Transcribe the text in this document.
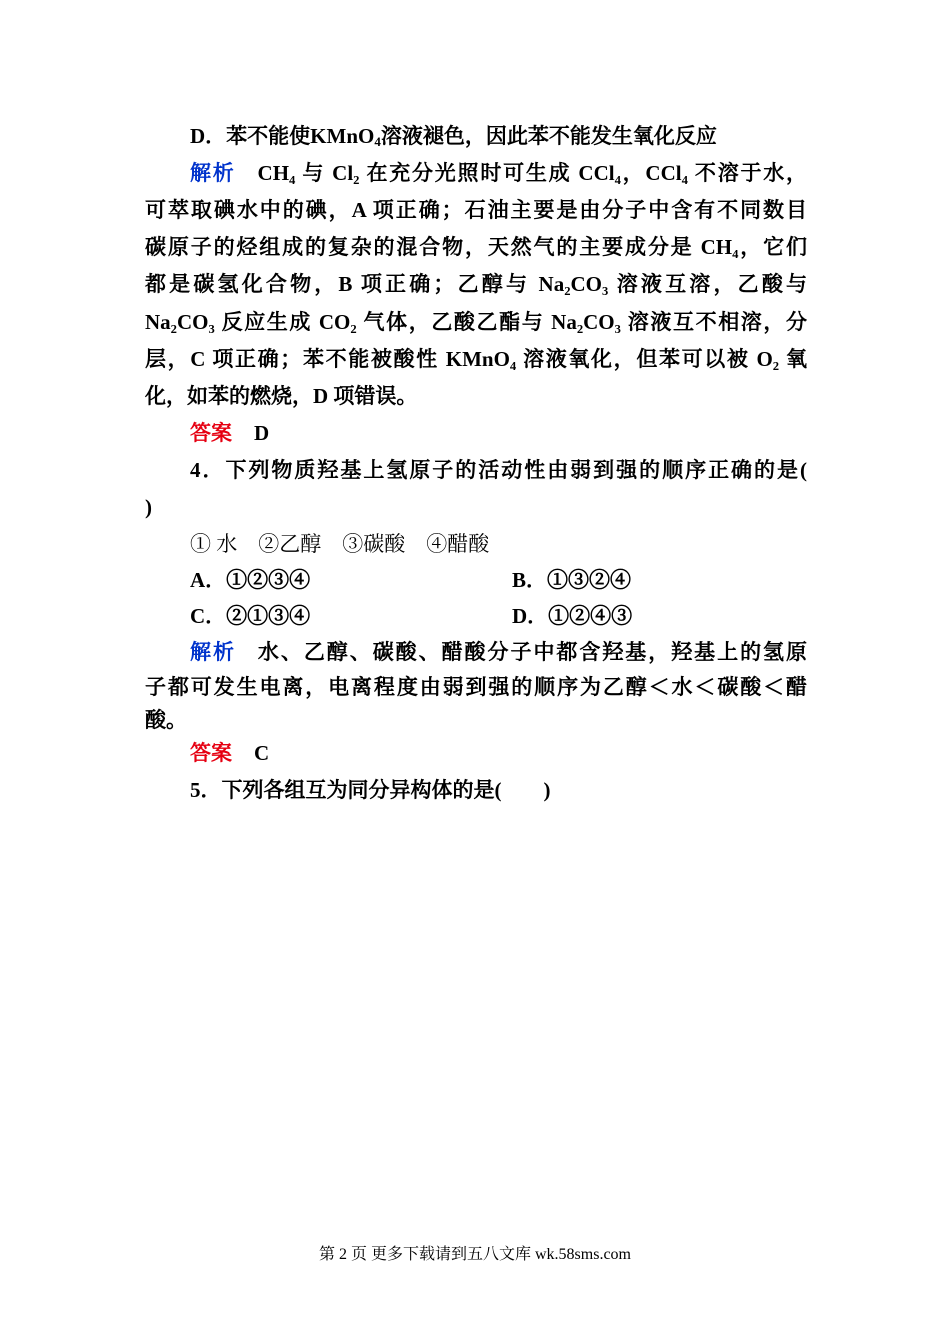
D．苯不能使KMnO$_4$溶液褪色，因此苯不能发生氧化反应
解析 CH₄ 与 Cl₂ 在充分光照时可生成 CCl₄，CCl₄ 不溶于水，
可萃取碘水中的碘，A 项正确；石油主要是由分子中含有不同数目
碳原子的烃组成的复杂的混合物，天然气的主要成分是 CH₄，它们
都是碳氢化合物，B 项正确；乙醇与 Na₂CO₃ 溶液互溶，乙酸与
Na₂CO₃ 反应生成 CO₂ 气体，乙酸乙酯与 Na₂CO₃ 溶液互不相溶，分
层，C 项正确；苯不能被酸性 KMnO₄ 溶液氧化，但苯可以被 O₂ 氧
化，如苯的燃烧，D 项错误。
答案 D
4．下列物质羟基上氢原子的活动性由弱到强的顺序正确的是(
)
① 水　②乙醇　③碳酸　④醋酸
A．①②③④	B．①③②④
C．②①③④	D．①②④③
解析 水、乙醇、碳酸、醋酸分子中都含羟基，羟基上的氢原
子都可发生电离，电离程度由弱到强的顺序为乙醇＜水＜碳酸＜醋
酸。
答案 C
5．下列各组互为同分异构体的是(　　)
第 2 页 更多下载请到五八文库 wk.58sms.com
